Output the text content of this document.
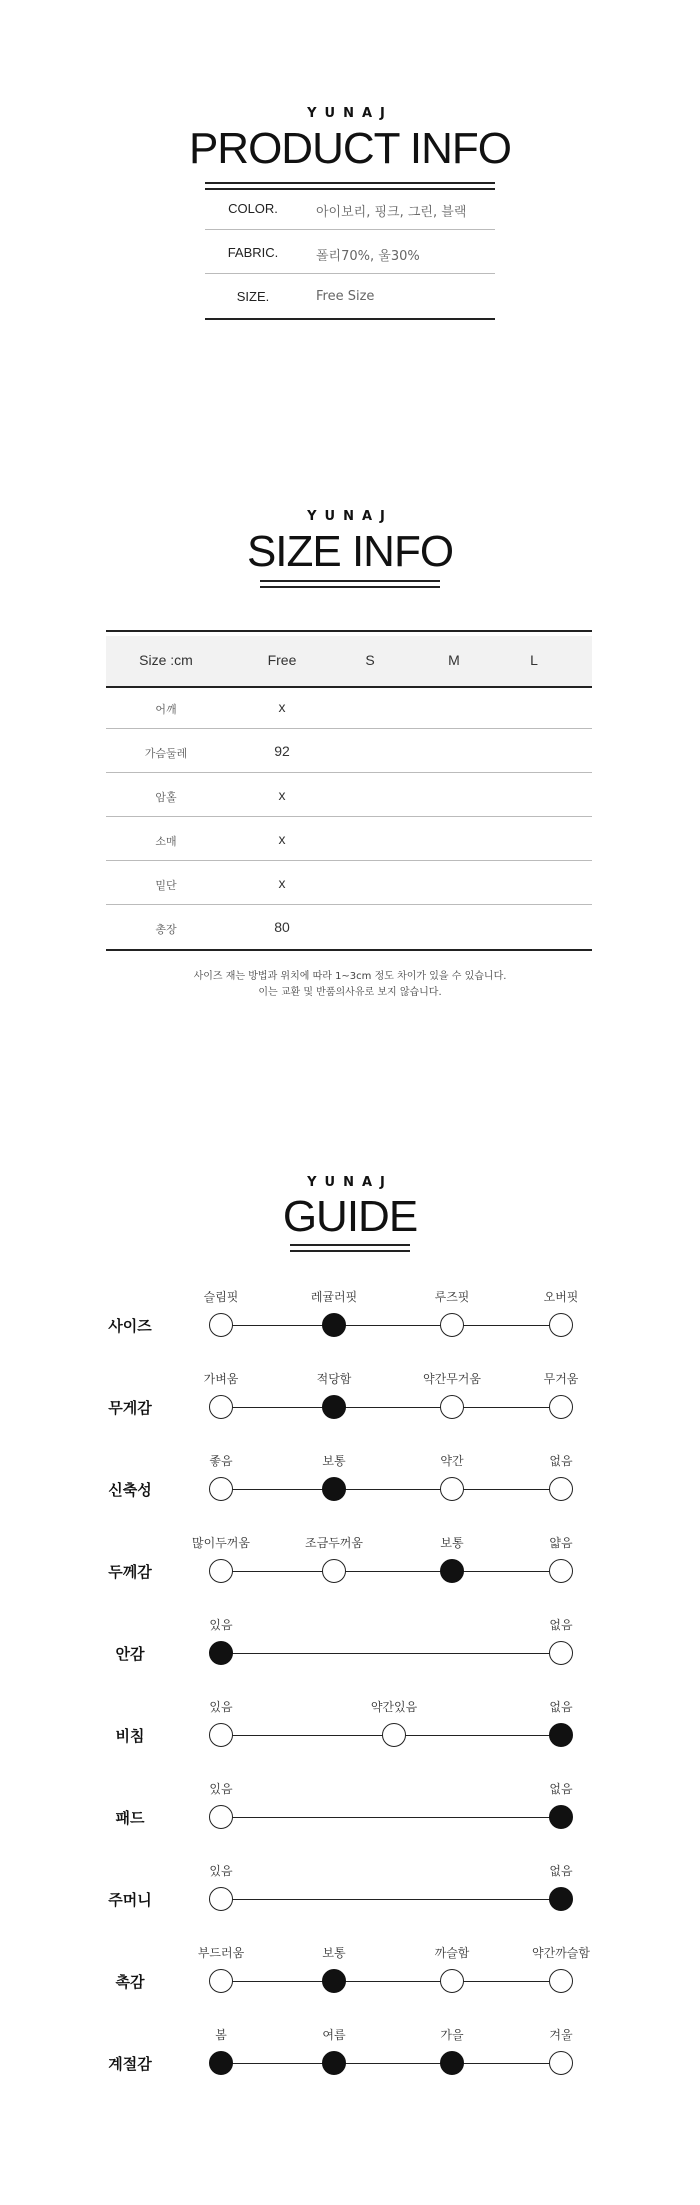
YUNAJ
PRODUCT INFO
COLOR.	아이보리, 핑크, 그린, 블랙
FABRIC.	폴리70%, 울30%
SIZE.	Free Size
YUNAJ
SIZE INFO
Size :cm	Free	S	M	L
어깨	x
가슴둘레	92
암홀	x
소매	x
밑단	x
총장	80
사이즈 재는 방법과 위치에 따라 1~3cm 정도 차이가 있을 수 있습니다.
이는 교환 및 반품의사유로 보지 않습니다.
YUNAJ
GUIDE
사이즈
슬림핏	레귤러핏	루즈핏	오버핏
무게감
가벼움	적당함	약간무거움	무거움
신축성
좋음	보통	약간	없음
두께감
많이두꺼움	조금두꺼움	보통	얇음
안감
있음	없음
비침
있음	약간있음	없음
패드
있음	없음
주머니
있음	없음
촉감
부드러움	보통	까슬함	약간까슬함
계절감
봄	여름	가을	겨울
